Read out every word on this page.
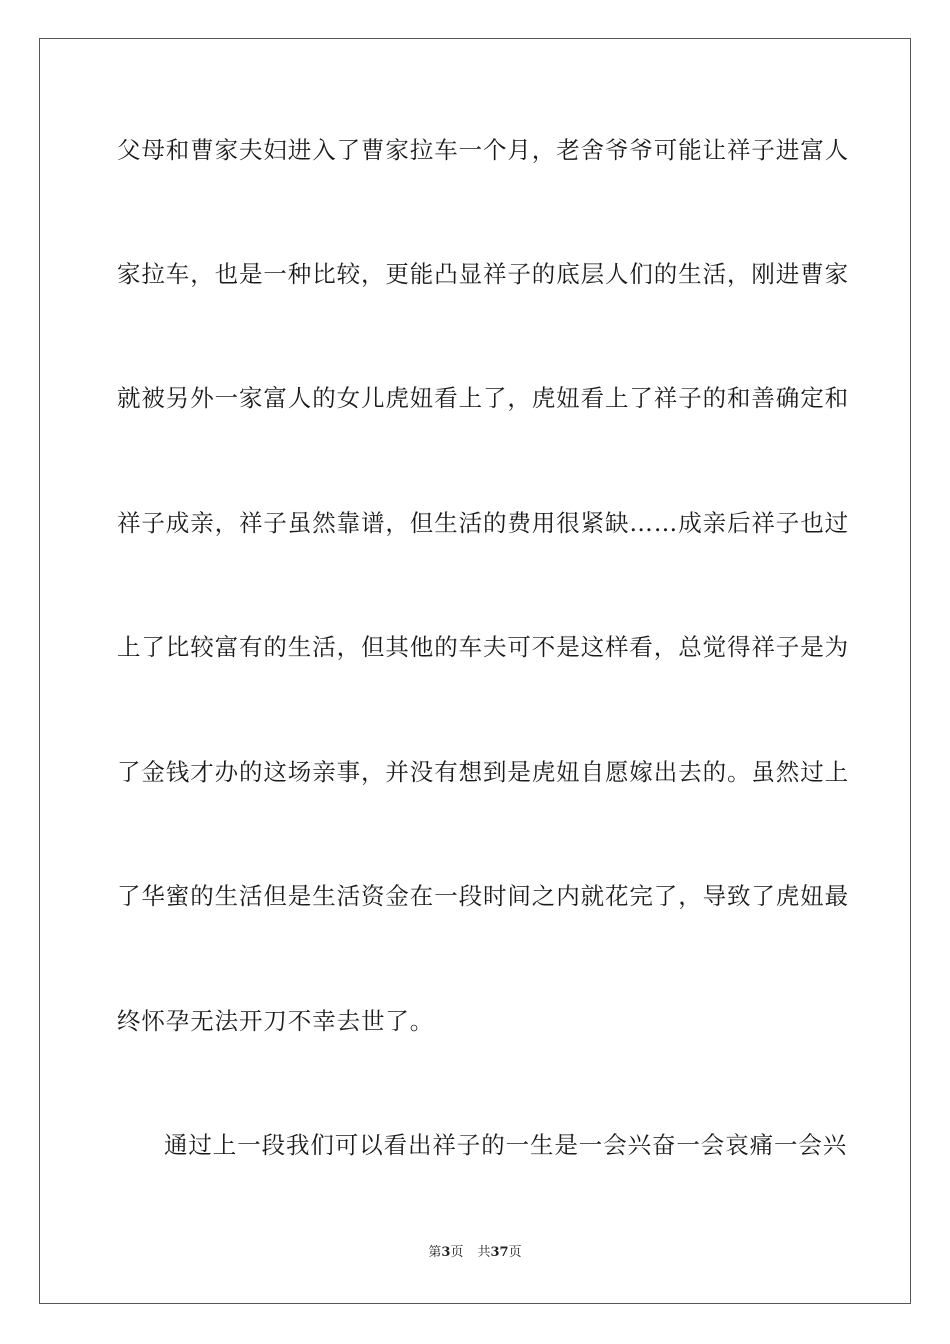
父母和曹家夫妇进入了曹家拉车一个月，老舍爷爷可能让祥子进富人
家拉车，也是一种比较，更能凸显祥子的底层人们的生活，刚进曹家
就被另外一家富人的女儿虎妞看上了，虎妞看上了祥子的和善确定和
祥子成亲，祥子虽然靠谱，但生活的费用很紧缺……成亲后祥子也过
上了比较富有的生活，但其他的车夫可不是这样看，总觉得祥子是为
了金钱才办的这场亲事，并没有想到是虎妞自愿嫁出去的。虽然过上
了华蜜的生活但是生活资金在一段时间之内就花完了，导致了虎妞最
终怀孕无法开刀不幸去世了。
通过上一段我们可以看出祥子的一生是一会兴奋一会哀痛一会兴
第3页 共37页
